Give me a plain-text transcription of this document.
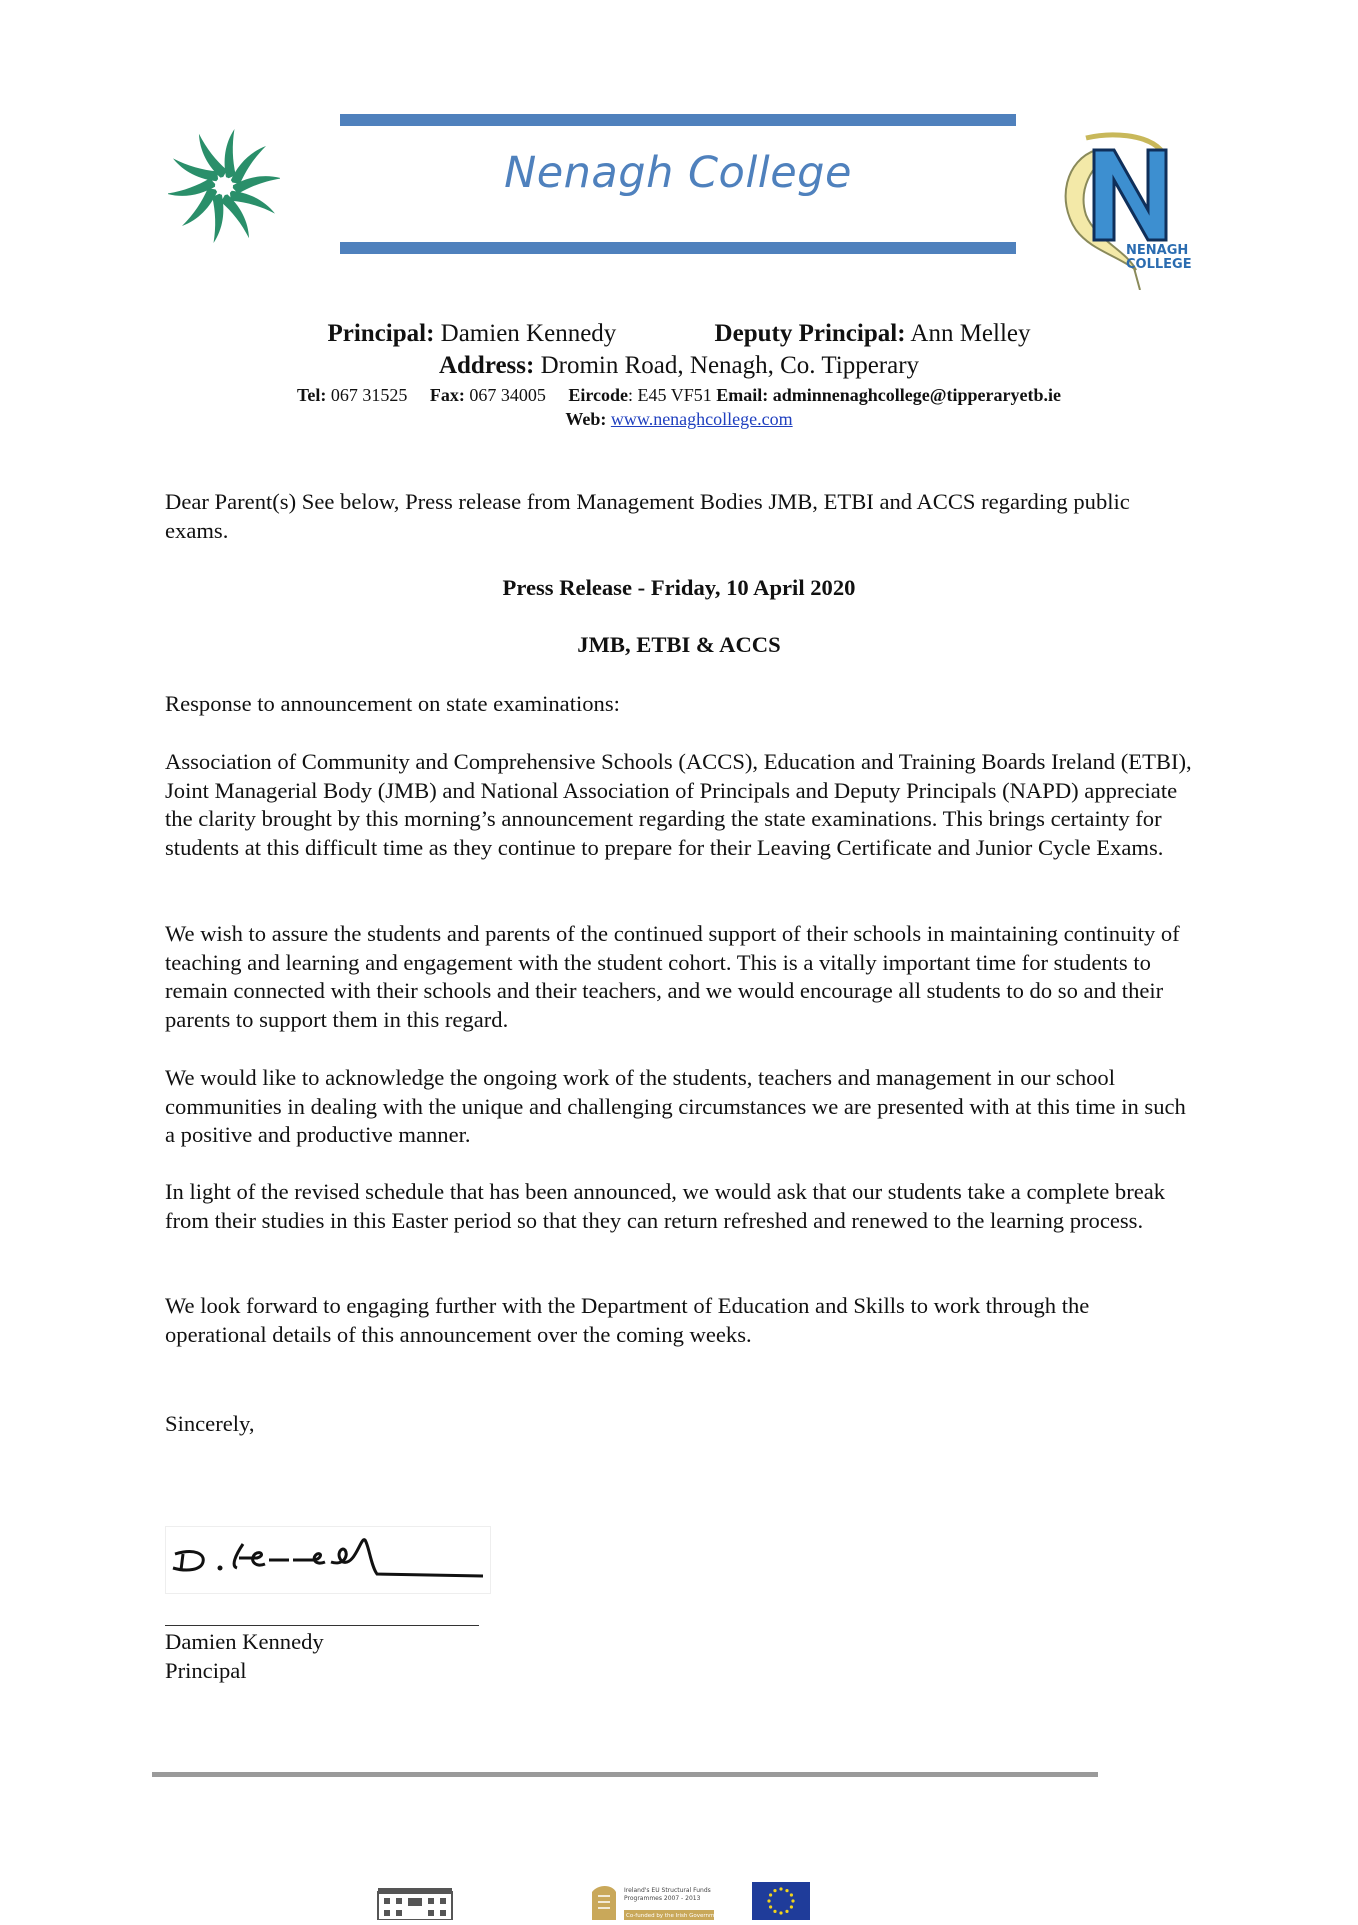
Nenagh College
NENAGH
COLLEGE
Principal: Damien Kennedy	Deputy Principal: Ann Melley
Address: Dromin Road, Nenagh, Co. Tipperary
Tel: 067 31525 Fax: 067 34005 Eircode: E45 VF51 Email: adminnenaghcollege@tipperaryetb.ie
Web: www.nenaghcollege.com
Dear Parent(s) See below, Press release from Management Bodies JMB, ETBI and ACCS regarding public exams.
Press Release - Friday, 10 April 2020
JMB, ETBI & ACCS
Response to announcement on state examinations:
Association of Community and Comprehensive Schools (ACCS), Education and Training Boards Ireland (ETBI), Joint Managerial Body (JMB) and National Association of Principals and Deputy Principals (NAPD) appreciate the clarity brought by this morning’s announcement regarding the state examinations. This brings certainty for students at this difficult time as they continue to prepare for their Leaving Certificate and Junior Cycle Exams.
We wish to assure the students and parents of the continued support of their schools in maintaining continuity of teaching and learning and engagement with the student cohort. This is a vitally important time for students to remain connected with their schools and their teachers, and we would encourage all students to do so and their parents to support them in this regard.
We would like to acknowledge the ongoing work of the students, teachers and management in our school communities in dealing with the unique and challenging circumstances we are presented with at this time in such a positive and productive manner.
In light of the revised schedule that has been announced, we would ask that our students take a complete break from their studies in this Easter period so that they can return refreshed and renewed to the learning process.
We look forward to engaging further with the Department of Education and Skills to work through the operational details of this announcement over the coming weeks.
Sincerely,
Damien Kennedy
Principal
Ireland's EU Structural Funds
Programmes 2007 - 2013
Co-funded by the Irish Government
